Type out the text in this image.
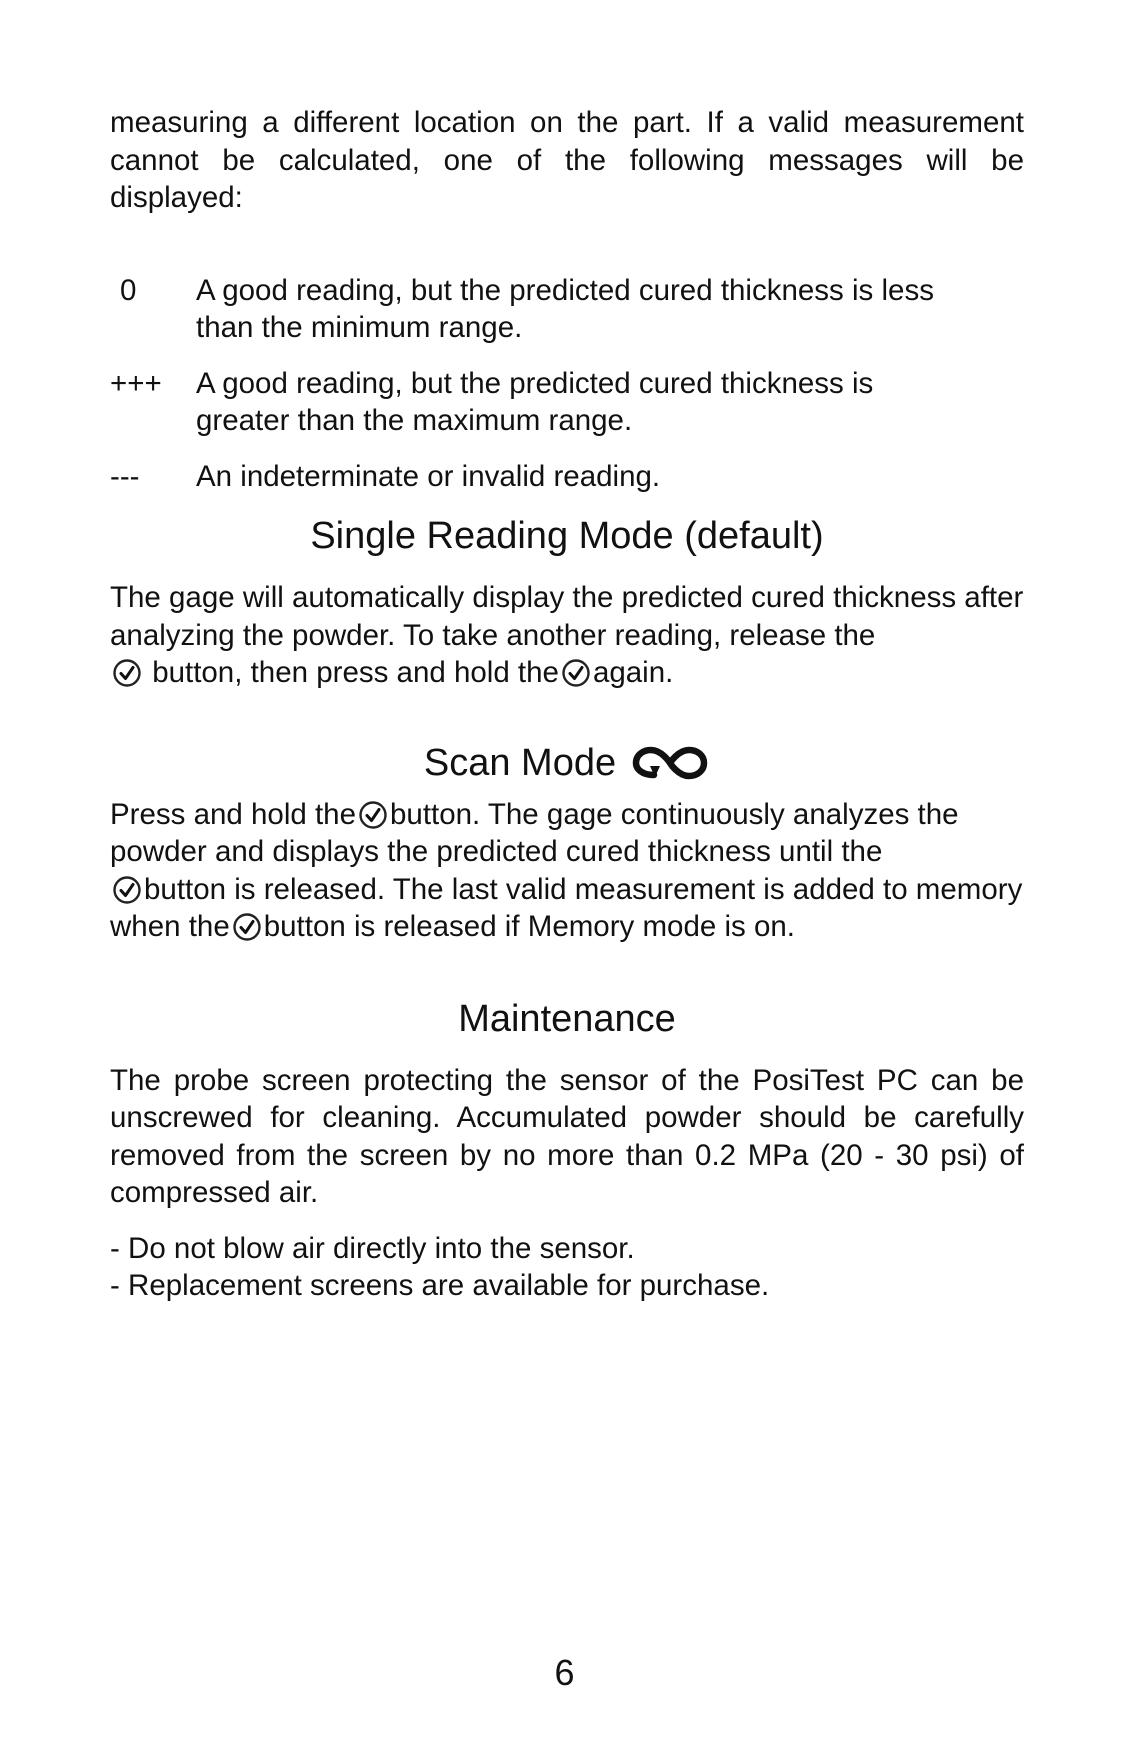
measuring a different location on the part. If a valid measurement cannot be calculated, one of the following messages will be displayed:

0	A good reading, but the predicted cured thickness is less than the minimum range.
+++	A good reading, but the predicted cured thickness is greater than the maximum range.
---	An indeterminate or invalid reading.
Single Reading Mode (default)

The gage will automatically display the predicted cured thickness after analyzing the powder. To take another reading, release the
button, then press and hold the again.

Scan Mode

Press and hold the button. The gage continuously analyzes the powder and displays the predicted cured thickness until the
button is released. The last valid measurement is added to memory when the button is released if Memory mode is on.

Maintenance

The probe screen protecting the sensor of the PosiTest PC can be unscrewed for cleaning. Accumulated powder should be carefully removed from the screen by no more than 0.2 MPa (20 - 30 psi) of compressed air.

- Do not blow air directly into the sensor.

- Replacement screens are available for purchase.

6
